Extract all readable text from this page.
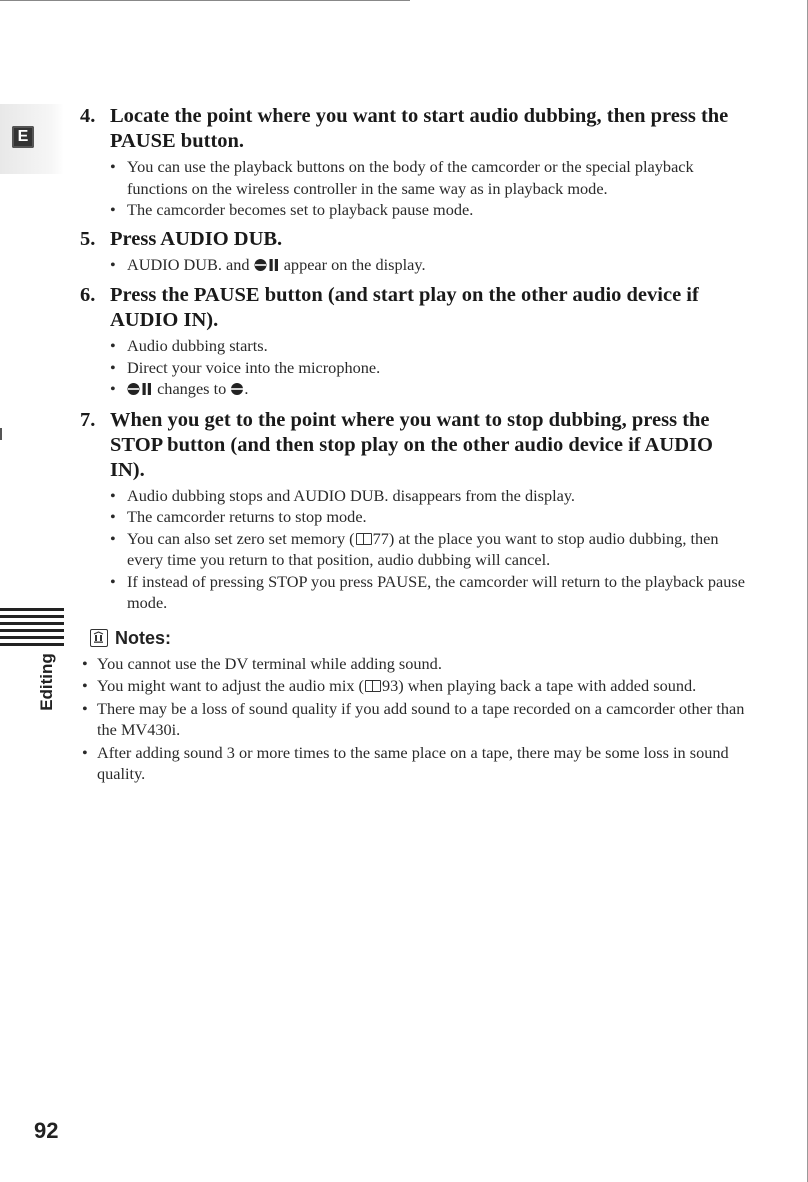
E
Editing
4. Locate the point where you want to start audio dubbing, then press the PAUSE button.
• You can use the playback buttons on the body of the camcorder or the special playback functions on the wireless controller in the same way as in playback mode.
• The camcorder becomes set to playback pause mode.
5. Press AUDIO DUB.
• AUDIO DUB. and appear on the display.
6. Press the PAUSE button (and start play on the other audio device if AUDIO IN).
• Audio dubbing starts.
• Direct your voice into the microphone.
• changes to .
7. When you get to the point where you want to stop dubbing, press the STOP button (and then stop play on the other audio device if AUDIO IN).
• Audio dubbing stops and AUDIO DUB. disappears from the display.
• The camcorder returns to stop mode.
• You can also set zero set memory ( 77) at the place you want to stop audio dubbing, then every time you return to that position, audio dubbing will cancel.
• If instead of pressing STOP you press PAUSE, the camcorder will return to the playback pause mode.
Notes:
• You cannot use the DV terminal while adding sound.
• You might want to adjust the audio mix ( 93) when playing back a tape with added sound.
• There may be a loss of sound quality if you add sound to a tape recorded on a camcorder other than the MV430i.
• After adding sound 3 or more times to the same place on a tape, there may be some loss in sound quality.
92
